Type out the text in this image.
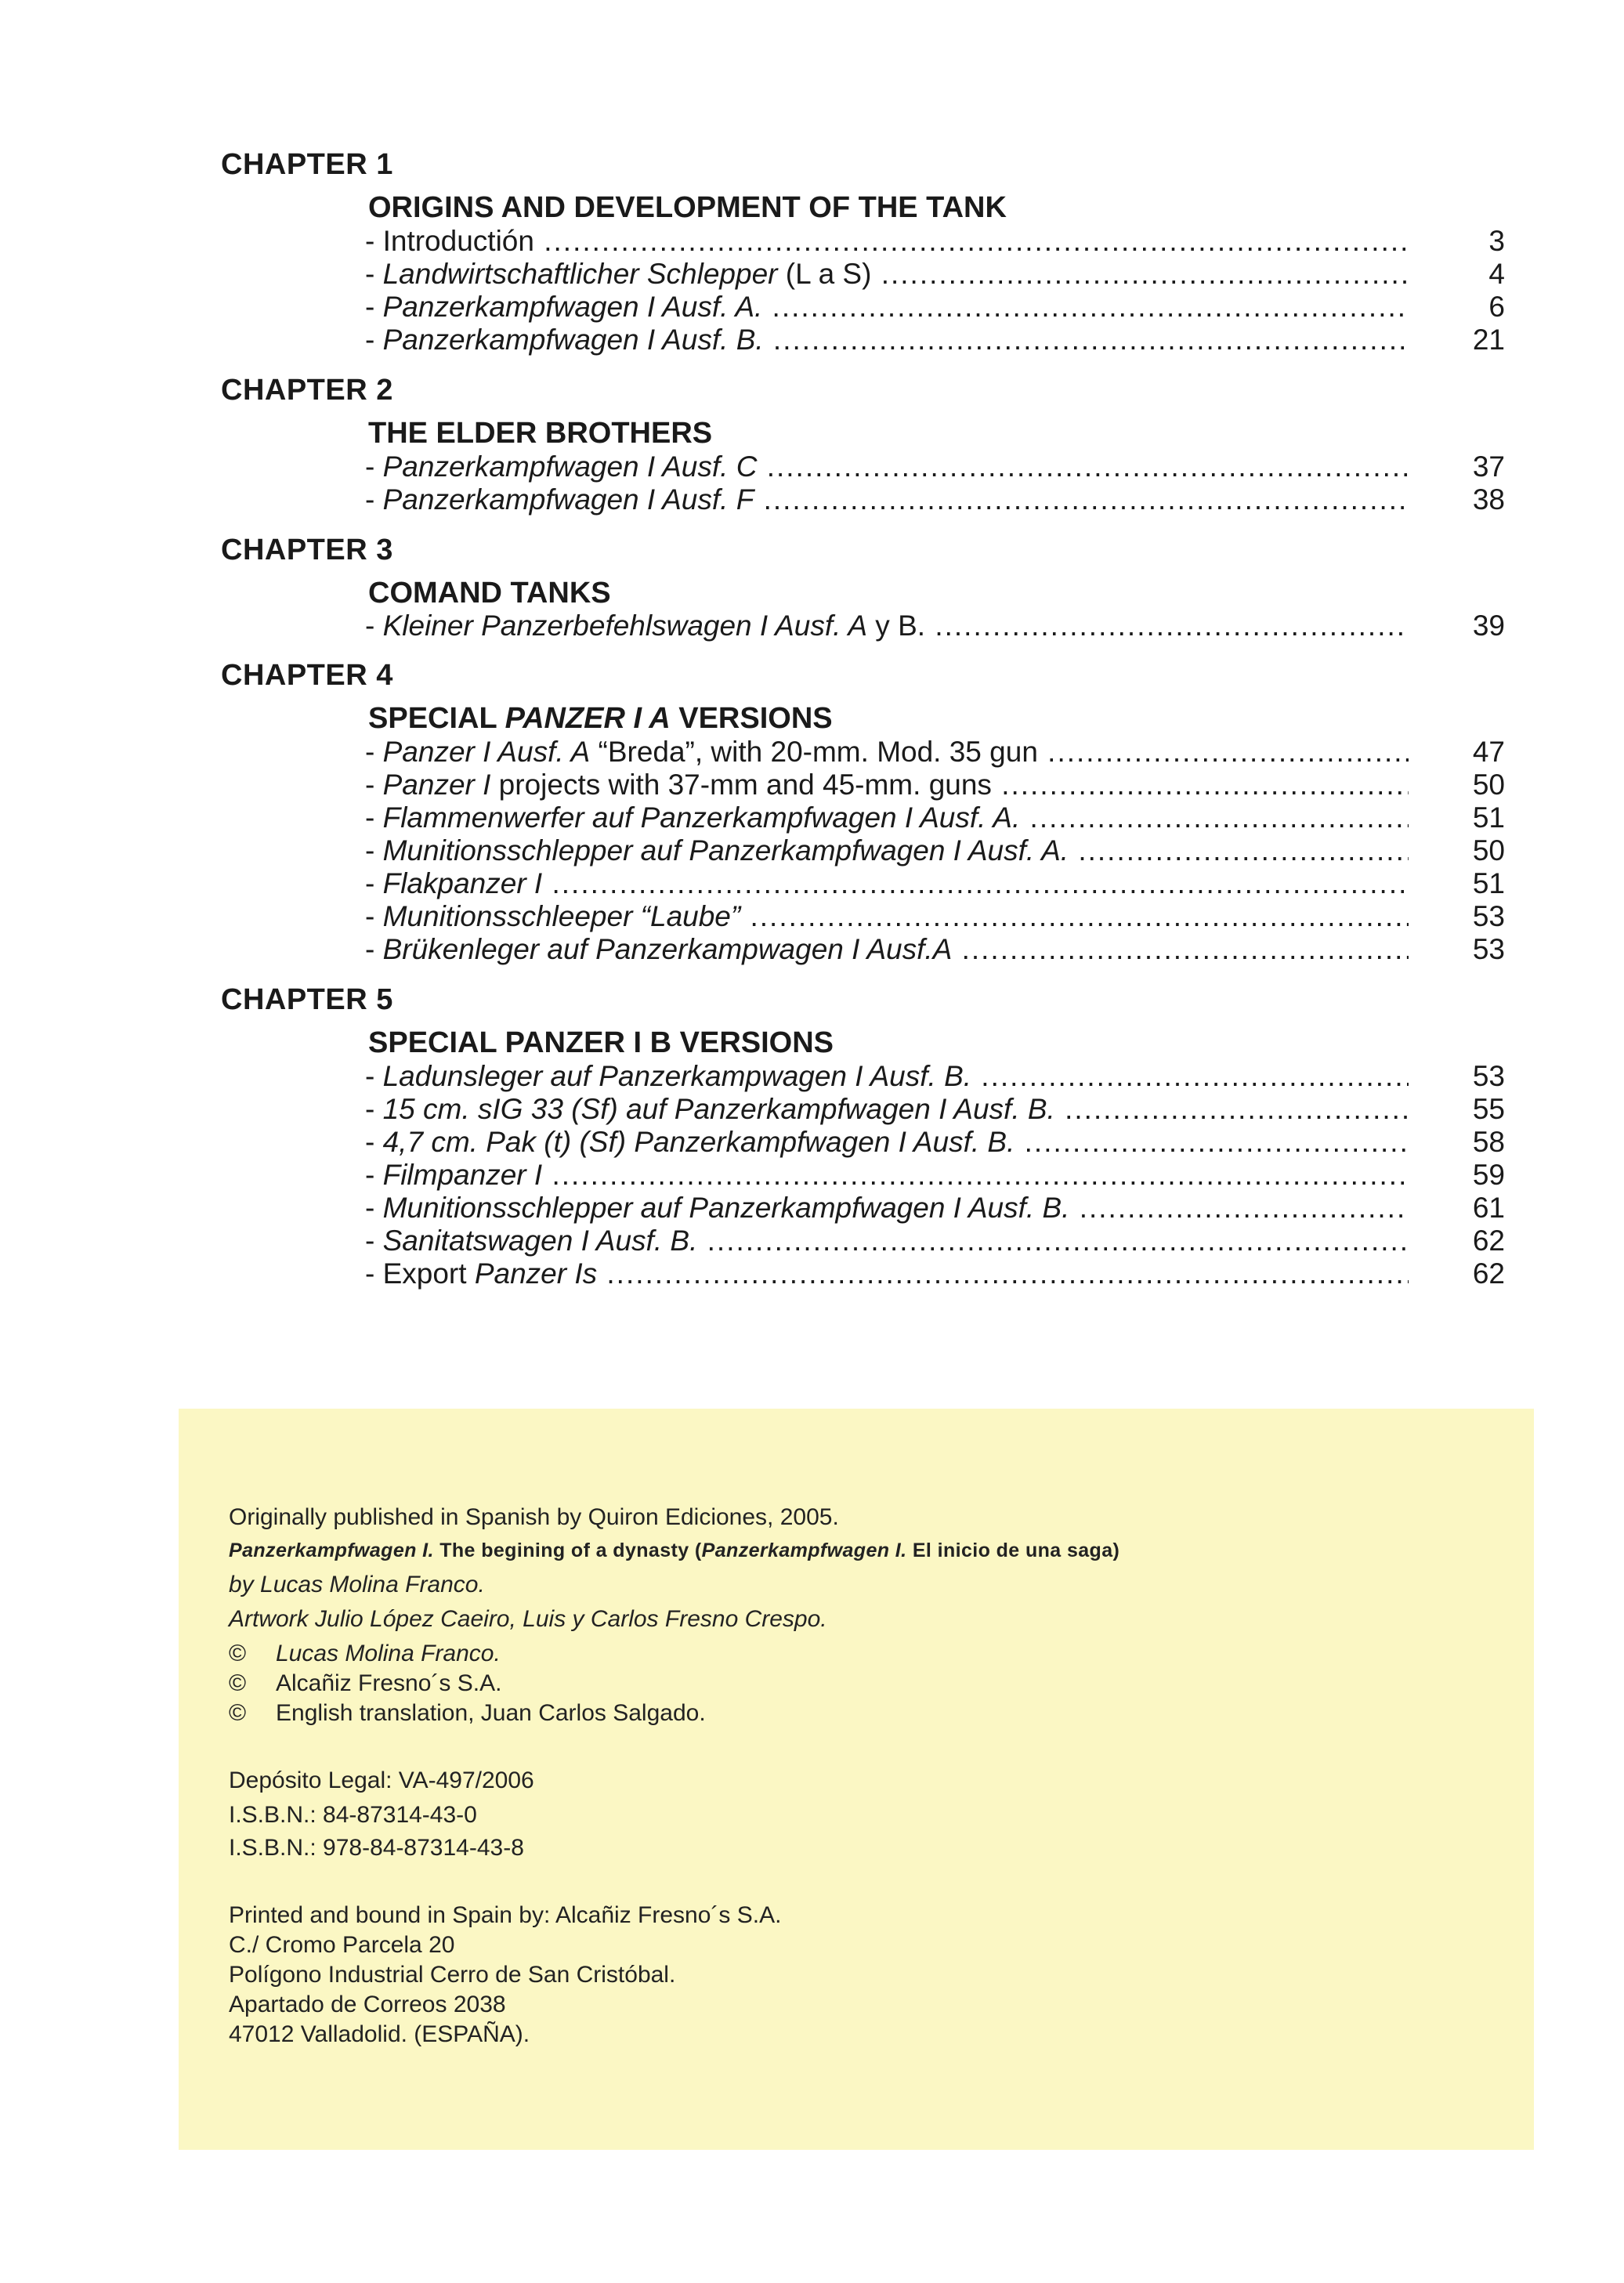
CHAPTER 1
ORIGINS AND DEVELOPMENT OF THE TANK
- Introductión .....	3
- Landwirtschaftlicher Schlepper (L a S) .....	4
- Panzerkampfwagen I Ausf. A. .....	6
- Panzerkampfwagen I Ausf. B. .....	21
CHAPTER 2
THE ELDER BROTHERS
- Panzerkampfwagen I Ausf. C .....	37
- Panzerkampfwagen I Ausf. F .....	38
CHAPTER 3
COMAND TANKS
- Kleiner Panzerbefehlswagen I Ausf. A y B. .....	39
CHAPTER 4
SPECIAL PANZER I A VERSIONS
- Panzer I Ausf. A “Breda”, with 20-mm. Mod. 35 gun .....	47
- Panzer I projects with 37-mm and 45-mm. guns .....	50
- Flammenwerfer auf Panzerkampfwagen I Ausf. A. .....	51
- Munitionsschlepper auf Panzerkampfwagen I Ausf. A. .....	50
- Flakpanzer I .....	51
- Munitionsschleeper “Laube” .....	53
- Brükenleger auf Panzerkampwagen I Ausf.A .....	53
CHAPTER 5
SPECIAL PANZER I B VERSIONS
- Ladunsleger auf Panzerkampwagen I Ausf. B. .....	53
- 15 cm. sIG 33 (Sf) auf Panzerkampfwagen I Ausf. B. .....	55
- 4,7 cm. Pak (t) (Sf) Panzerkampfwagen I Ausf. B. .....	58
- Filmpanzer I .....	59
- Munitionsschlepper auf Panzerkampfwagen I Ausf. B. .....	61
- Sanitatswagen I Ausf. B. .....	62
- Export Panzer Is .....	62
Originally published in Spanish by Quiron Ediciones, 2005.
Panzerkampfwagen I. The begining of a dynasty (Panzerkampfwagen I. El inicio de una saga)
by Lucas Molina Franco.
Artwork Julio López Caeiro, Luis y Carlos Fresno Crespo.
© Lucas Molina Franco.
© Alcañiz Fresno´s S.A.
© English translation, Juan Carlos Salgado.
Depósito Legal: VA-497/2006
I.S.B.N.: 84-87314-43-0
I.S.B.N.: 978-84-87314-43-8
Printed and bound in Spain by: Alcañiz Fresno´s S.A.
C./ Cromo Parcela 20
Polígono Industrial Cerro de San Cristóbal.
Apartado de Correos 2038
47012 Valladolid. (ESPAÑA).
